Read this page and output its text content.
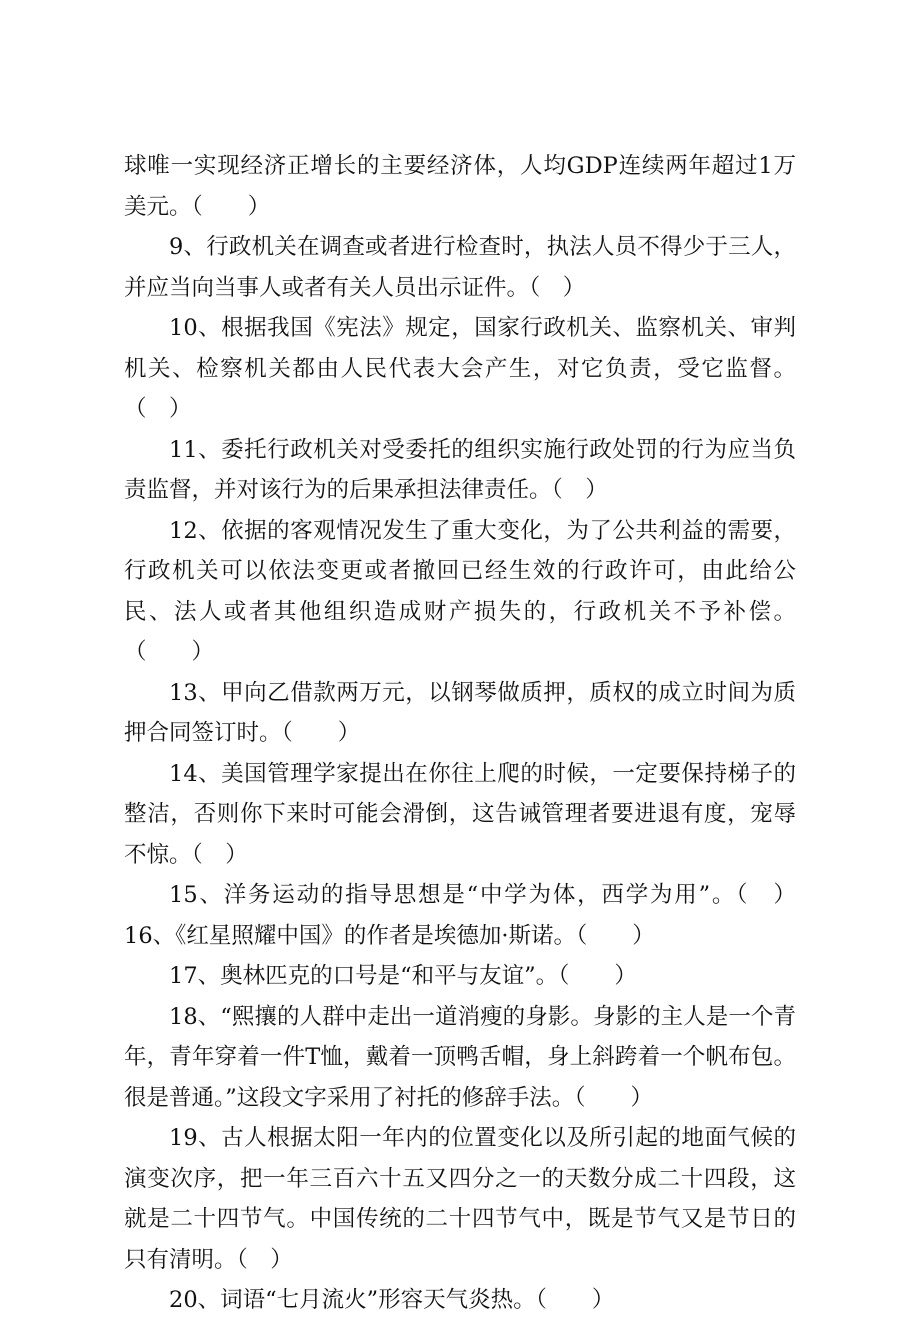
球唯一实现经济正增长的主要经济体，人均GDP连续两年超过1万美元。（　　）

9、行政机关在调查或者进行检查时，执法人员不得少于三人，并应当向当事人或者有关人员出示证件。（　）

10、根据我国《宪法》规定，国家行政机关、监察机关、审判机关、检察机关都由人民代表大会产生，对它负责，受它监督。（　）

11、委托行政机关对受委托的组织实施行政处罚的行为应当负责监督，并对该行为的后果承担法律责任。（　）

12、依据的客观情况发生了重大变化，为了公共利益的需要，行政机关可以依法变更或者撤回已经生效的行政许可，由此给公民、法人或者其他组织造成财产损失的，行政机关不予补偿。（　　）

13、甲向乙借款两万元，以钢琴做质押，质权的成立时间为质押合同签订时。（　　）

14、美国管理学家提出在你往上爬的时候，一定要保持梯子的整洁，否则你下来时可能会滑倒，这告诫管理者要进退有度，宠辱不惊。（　）

15、洋务运动的指导思想是“中学为体，西学为用”。（　）16、《红星照耀中国》的作者是埃德加·斯诺。（　　）

17、奥林匹克的口号是“和平与友谊”。（　　）

18、“熙攘的人群中走出一道消瘦的身影。身影的主人是一个青年，青年穿着一件T恤，戴着一顶鸭舌帽，身上斜跨着一个帆布包。很是普通。”这段文字采用了衬托的修辞手法。（　　）

19、古人根据太阳一年内的位置变化以及所引起的地面气候的演变次序，把一年三百六十五又四分之一的天数分成二十四段，这就是二十四节气。中国传统的二十四节气中，既是节气又是节日的只有清明。（　）

20、词语“七月流火”形容天气炎热。（　　）
